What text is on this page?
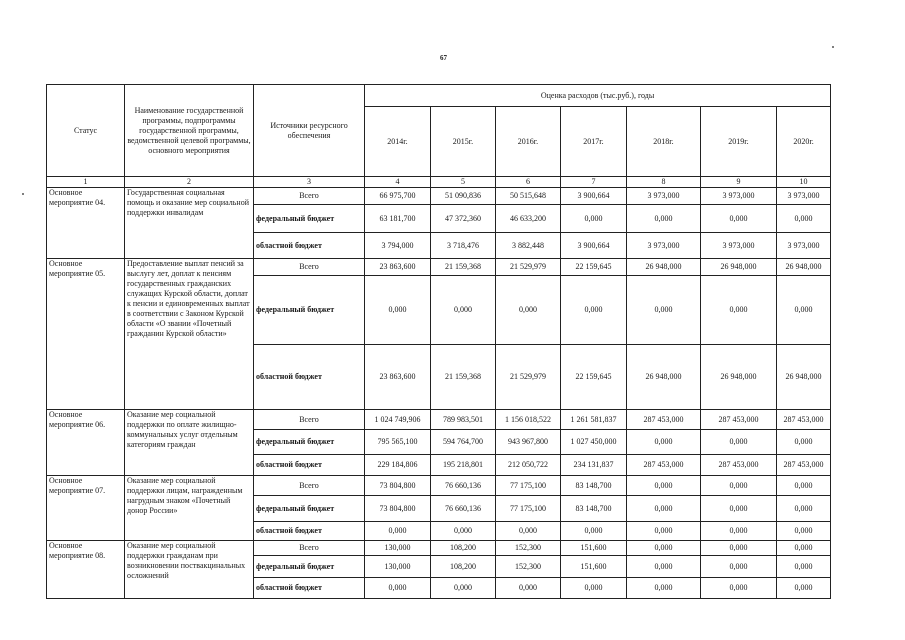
67
Статус	Наименование государственной программы, подпрограммы государственной программы, ведомственной целевой программы, основного мероприятия	Источники ресурсного обеспечения	Оценка расходов (тыс.руб.), годы						
			2014г.	2015г.	2016г.	2017г.	2018г.	2019г.	2020г.
1	2	3	4	5	6	7	8	9	10
Основное мероприятие 04.	Государственная социальная помощь и оказание мер социальной поддержки инвалидам	Всего	66 975,700	51 090,836	50 515,648	3 900,664	3 973,000	3 973,000	3 973,000
		федеральный бюджет	63 181,700	47 372,360	46 633,200	0,000	0,000	0,000	0,000
		областной бюджет	3 794,000	3 718,476	3 882,448	3 900,664	3 973,000	3 973,000	3 973,000
Основное мероприятие 05.	Предоставление выплат пенсий за выслугу лет, доплат к пенсиям государственных гражданских служащих Курской области, доплат к пенсии и единовременных выплат в соответствии с Законом Курской области «О звании «Почетный гражданин Курской области»	Всего	23 863,600	21 159,368	21 529,979	22 159,645	26 948,000	26 948,000	26 948,000
		федеральный бюджет	0,000	0,000	0,000	0,000	0,000	0,000	0,000
		областной бюджет	23 863,600	21 159,368	21 529,979	22 159,645	26 948,000	26 948,000	26 948,000
Основное мероприятие 06.	Оказание мер социальной поддержки по оплате жилищно-коммунальных услуг отдельным категориям граждан	Всего	1 024 749,906	789 983,501	1 156 018,522	1 261 581,837	287 453,000	287 453,000	287 453,000
		федеральный бюджет	795 565,100	594 764,700	943 967,800	1 027 450,000	0,000	0,000	0,000
		областной бюджет	229 184,806	195 218,801	212 050,722	234 131,837	287 453,000	287 453,000	287 453,000
Основное мероприятие 07.	Оказание мер социальной поддержки лицам, награжденным нагрудным знаком «Почетный донор России»	Всего	73 804,800	76 660,136	77 175,100	83 148,700	0,000	0,000	0,000
		федеральный бюджет	73 804,800	76 660,136	77 175,100	83 148,700	0,000	0,000	0,000
		областной бюджет	0,000	0,000	0,000	0,000	0,000	0,000	0,000
Основное мероприятие 08.	Оказание мер социальной поддержки гражданам при возникновении поствакцинальных осложнений	Всего	130,000	108,200	152,300	151,600	0,000	0,000	0,000
		федеральный бюджет	130,000	108,200	152,300	151,600	0,000	0,000	0,000
		областной бюджет	0,000	0,000	0,000	0,000	0,000	0,000	0,000
